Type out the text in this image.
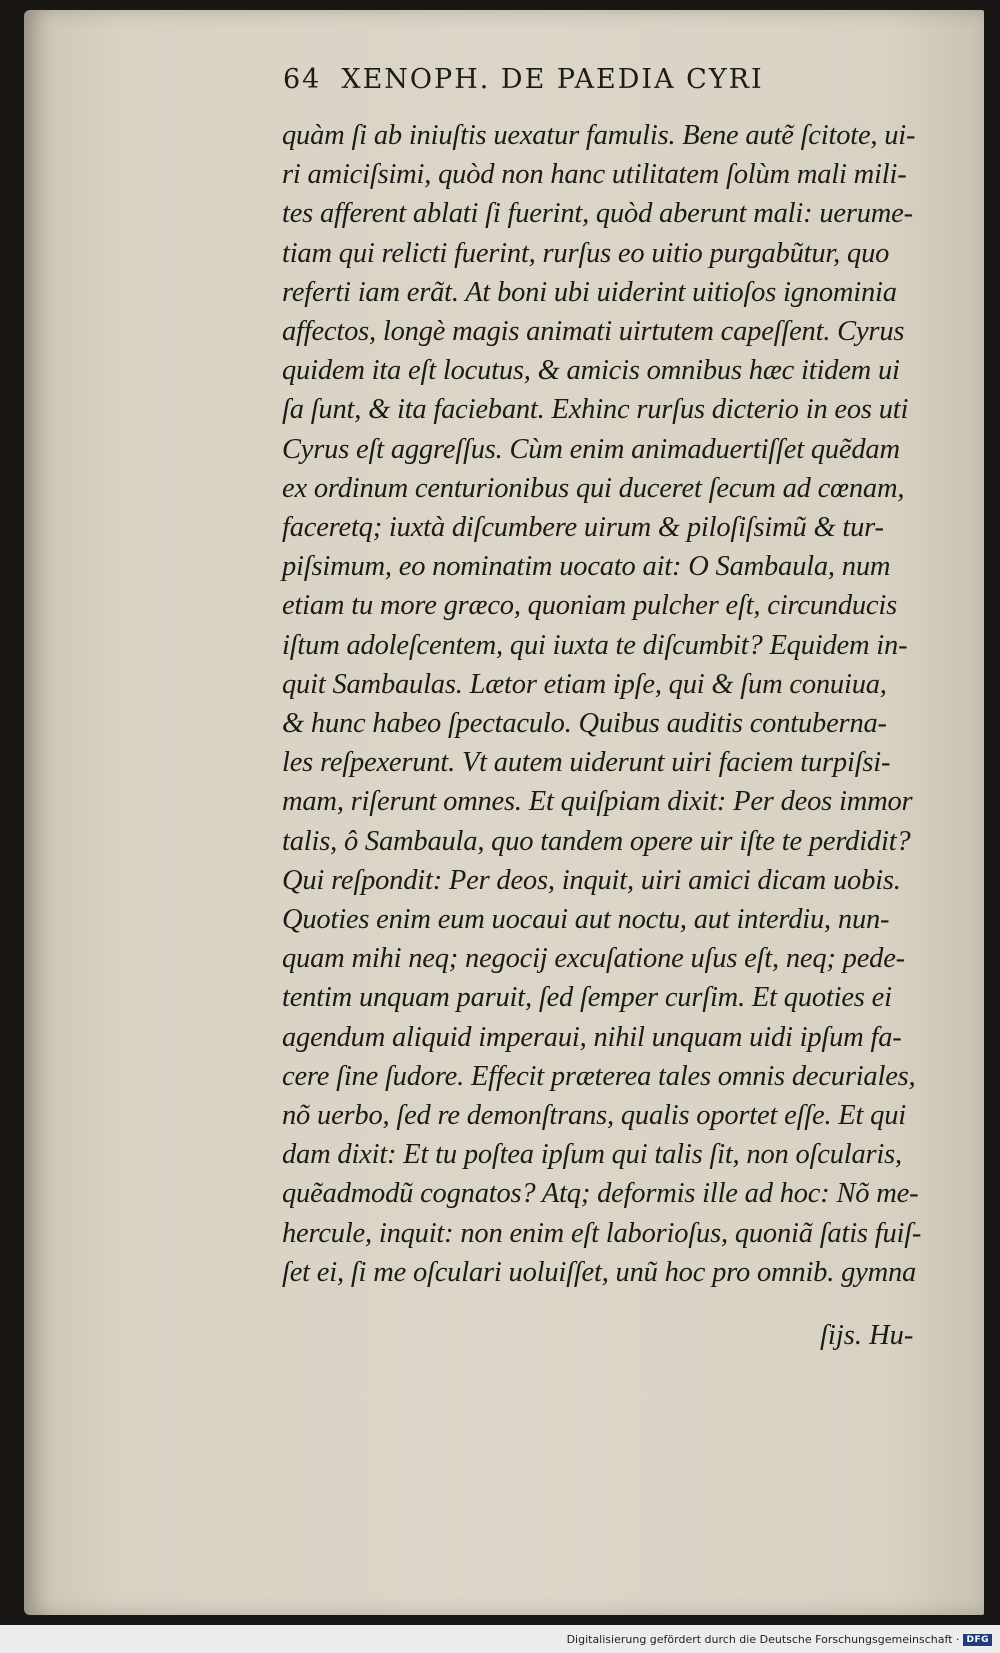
64 XENOPH. DE PAEDIA CYRI
quàm ſi ab iniuſtis uexatur famulis. Bene autẽ ſcitote, ui-
ri amiciſsimi, quòd non hanc utilitatem ſolùm mali mili-
tes afferent ablati ſi fuerint, quòd aberunt mali: uerume-
tiam qui relicti fuerint, rurſus eo uitio purgabũtur, quo
referti iam erãt. At boni ubi uiderint uitioſos ignominia
affectos, longè magis animati uirtutem capeſſent. Cyrus
quidem ita eſt locutus, & amicis omnibus hæc itidem ui
ſa ſunt, & ita faciebant. Exhinc rurſus dicterio in eos uti
Cyrus eſt aggreſſus. Cùm enim animaduertiſſet quẽdam
ex ordinum centurionibus qui duceret ſecum ad cœnam,
faceretq; iuxtà diſcumbere uirum & piloſiſsimũ & tur-
piſsimum, eo nominatim uocato ait: O Sambaula, num
etiam tu more græco, quoniam pulcher eſt, circunducis
iſtum adoleſcentem, qui iuxta te diſcumbit? Equidem in-
quit Sambaulas. Lætor etiam ipſe, qui & ſum conuiua,
& hunc habeo ſpectaculo. Quibus auditis contuberna-
les reſpexerunt. Vt autem uiderunt uiri faciem turpiſsi-
mam, riſerunt omnes. Et quiſpiam dixit: Per deos immor
talis, ô Sambaula, quo tandem opere uir iſte te perdidit?
Qui reſpondit: Per deos, inquit, uiri amici dicam uobis.
Quoties enim eum uocaui aut noctu, aut interdiu, nun-
quam mihi neq; negocij excuſatione uſus eſt, neq; pede-
tentim unquam paruit, ſed ſemper curſim. Et quoties ei
agendum aliquid imperaui, nihil unquam uidi ipſum fa-
cere ſine ſudore. Effecit præterea tales omnis decuriales,
nõ uerbo, ſed re demonſtrans, qualis oportet eſſe. Et qui
dam dixit: Et tu poſtea ipſum qui talis ſit, non oſcularis,
quẽadmodũ cognatos? Atq; deformis ille ad hoc: Nõ me-
hercule, inquit: non enim eſt laborioſus, quoniã ſatis fuiſ-
ſet ei, ſi me oſculari uoluiſſet, unũ hoc pro omnib. gymna
ſijs. Hu-
Digitalisierung gefördert durch die Deutsche Forschungsgemeinschaft · DFG
